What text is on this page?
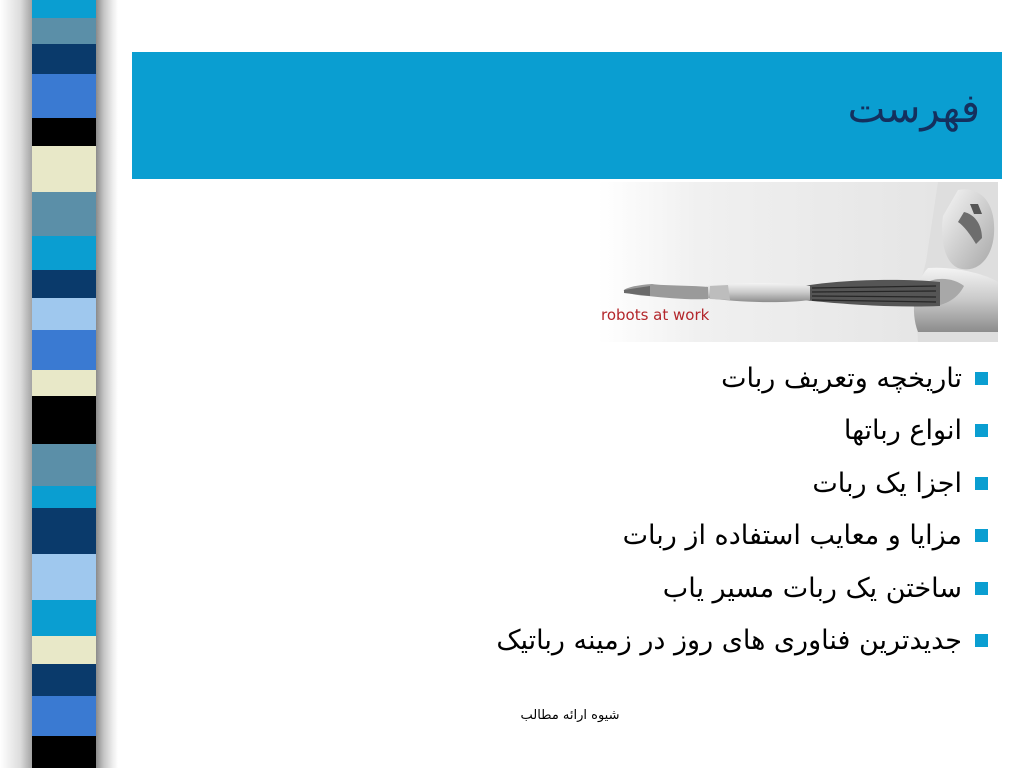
فهرست
robots at work
تاریخچه وتعریف ربات
انواع رباتها
اجزا یک ربات
مزایا و معایب استفاده از ربات
ساختن یک ربات مسیر یاب
جدیدترین فناوری های روز در زمینه رباتیک
شیوه ارائه مطالب
